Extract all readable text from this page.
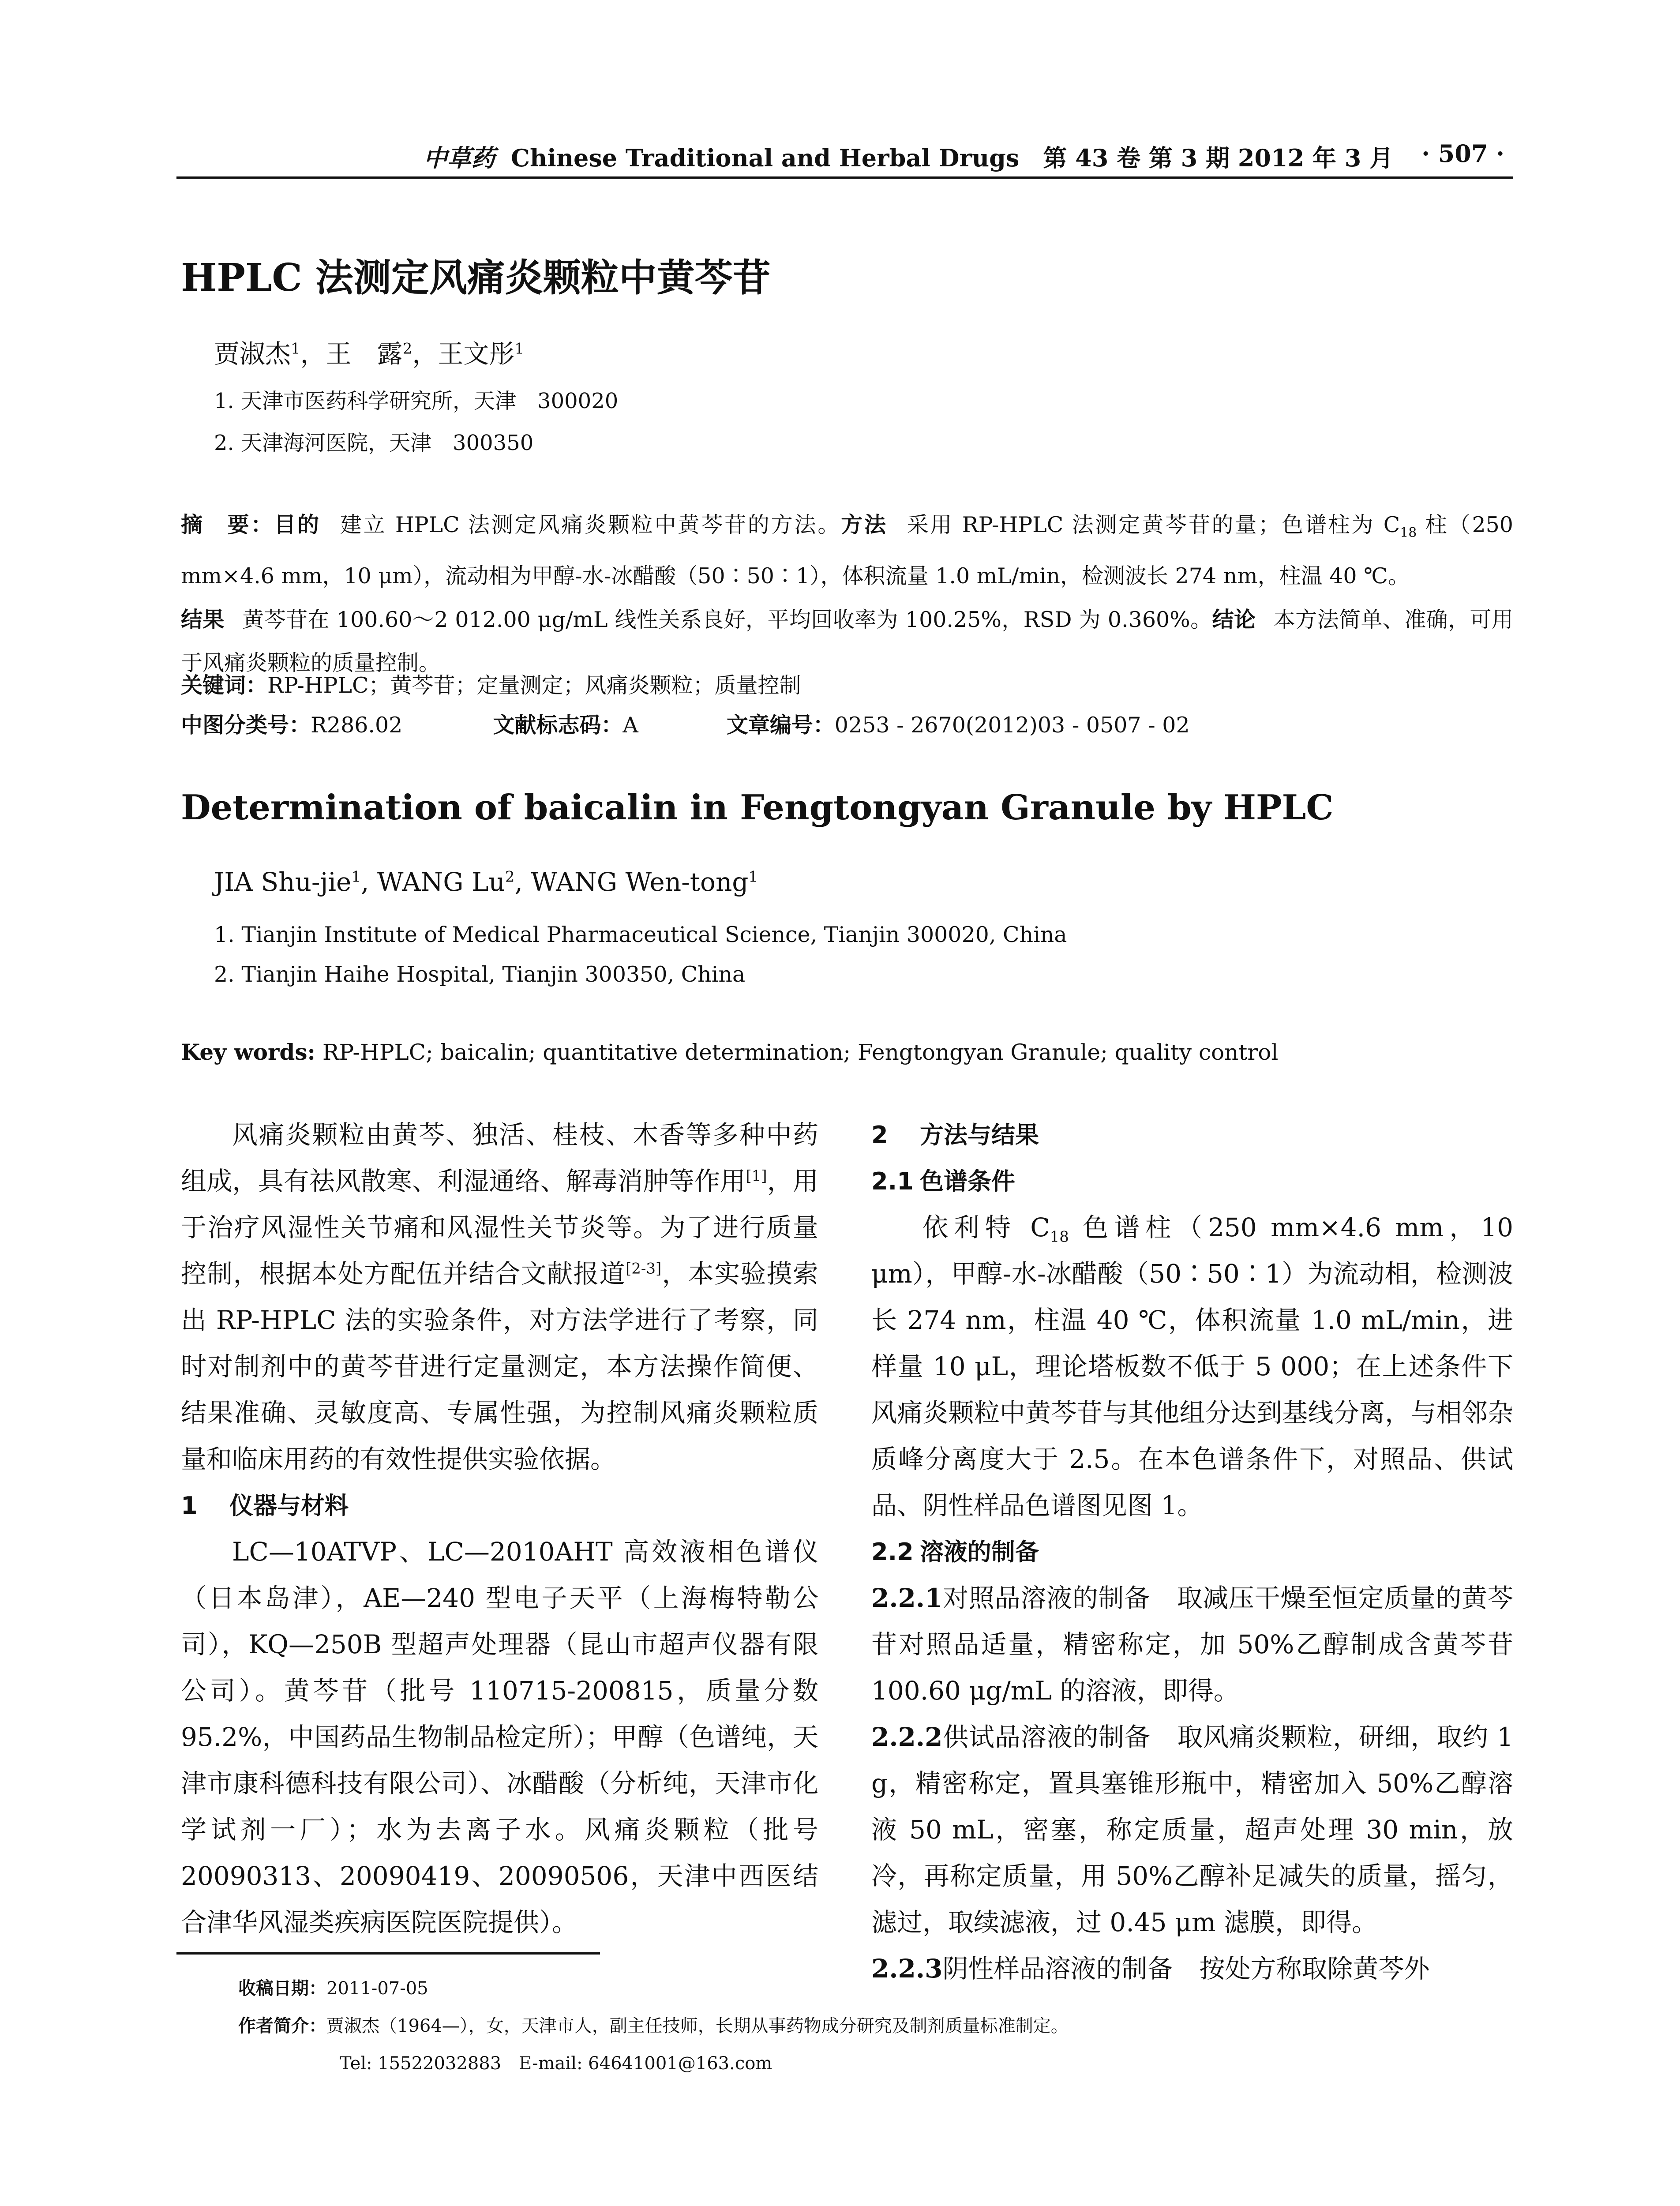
中草药 Chinese Traditional and Herbal Drugs　第 43 卷 第 3 期 2012 年 3 月 · 507 ·
HPLC 法测定风痛炎颗粒中黄芩苷
贾淑杰$^1$，王　露$^2$，王文彤$^1$
1. 天津市医药科学研究所，天津　300020
2. 天津海河医院，天津　300350
摘　要：目的 建立 HPLC 法测定风痛炎颗粒中黄芩苷的方法。方法 采用 RP-HPLC 法测定黄芩苷的量；色谱柱为 $C_{18}$ 柱（250 mm×4.6 mm，10 μm），流动相为甲醇-水-冰醋酸（50∶50∶1），体积流量 1.0 mL/min，检测波长 274 nm，柱温 40 ℃。
结果 黄芩苷在 100.60～2 012.00 μg/mL 线性关系良好，平均回收率为 100.25%，RSD 为 0.360%。结论 本方法简单、准确，可用于风痛炎颗粒的质量控制。
关键词：RP-HPLC；黄芩苷；定量测定；风痛炎颗粒；质量控制
中图分类号：R286.02	文献标志码：A	文章编号：0253 - 2670(2012)03 - 0507 - 02
Determination of baicalin in Fengtongyan Granule by HPLC
JIA Shu-jie$^1$, WANG Lu$^2$, WANG Wen-tong$^1$
1. Tianjin Institute of Medical Pharmaceutical Science, Tianjin 300020, China
2. Tianjin Haihe Hospital, Tianjin 300350, China
Key words: RP-HPLC; baicalin; quantitative determination; Fengtongyan Granule; quality control

风痛炎颗粒由黄芩、独活、桂枝、木香等多种中药组成，具有祛风散寒、利湿通络、解毒消肿等作用[1]，用于治疗风湿性关节痛和风湿性关节炎等。为了进行质量控制，根据本处方配伍并结合文献报道[2-3]，本实验摸索出 RP-HPLC 法的实验条件，对方法学进行了考察，同时对制剂中的黄芩苷进行定量测定，本方法操作简便、结果准确、灵敏度高、专属性强，为控制风痛炎颗粒质量和临床用药的有效性提供实验依据。

1 仪器与材料

LC—10ATVP、LC—2010AHT 高效液相色谱仪（日本岛津），AE—240 型电子天平（上海梅特勒公司），KQ—250B 型超声处理器（昆山市超声仪器有限公司）。黄芩苷（批号 110715-200815，质量分数 95.2%，中国药品生物制品检定所）；甲醇（色谱纯，天津市康科德科技有限公司）、冰醋酸（分析纯，天津市化学试剂一厂）；水为去离子水。风痛炎颗粒（批号 20090313、20090419、20090506，天津中西医结合津华风湿类疾病医院医院提供）。

2 方法与结果

2.1 色谱条件

依利特 $C_{18}$ 色谱柱（250 mm×4.6 mm，10 μm），甲醇-水-冰醋酸（50∶50∶1）为流动相，检测波长 274 nm，柱温 40 ℃，体积流量 1.0 mL/min，进样量 10 μL，理论塔板数不低于 5 000；在上述条件下风痛炎颗粒中黄芩苷与其他组分达到基线分离，与相邻杂质峰分离度大于 2.5。在本色谱条件下，对照品、供试品、阴性样品色谱图见图 1。

2.2 溶液的制备

2.2.1对照品溶液的制备 取减压干燥至恒定质量的黄芩苷对照品适量，精密称定，加 50%乙醇制成含黄芩苷 100.60 μg/mL 的溶液，即得。

2.2.2供试品溶液的制备 取风痛炎颗粒，研细，取约 1 g，精密称定，置具塞锥形瓶中，精密加入 50%乙醇溶液 50 mL，密塞，称定质量，超声处理 30 min，放冷，再称定质量，用 50%乙醇补足减失的质量，摇匀，滤过，取续滤液，过 0.45 μm 滤膜，即得。

2.2.3阴性样品溶液的制备 按处方称取除黄芩外

收稿日期：2011-07-05
作者简介：贾淑杰（1964—），女，天津市人，副主任技师，长期从事药物成分研究及制剂质量标准制定。
Tel: 15522032883　E-mail: 64641001@163.com
